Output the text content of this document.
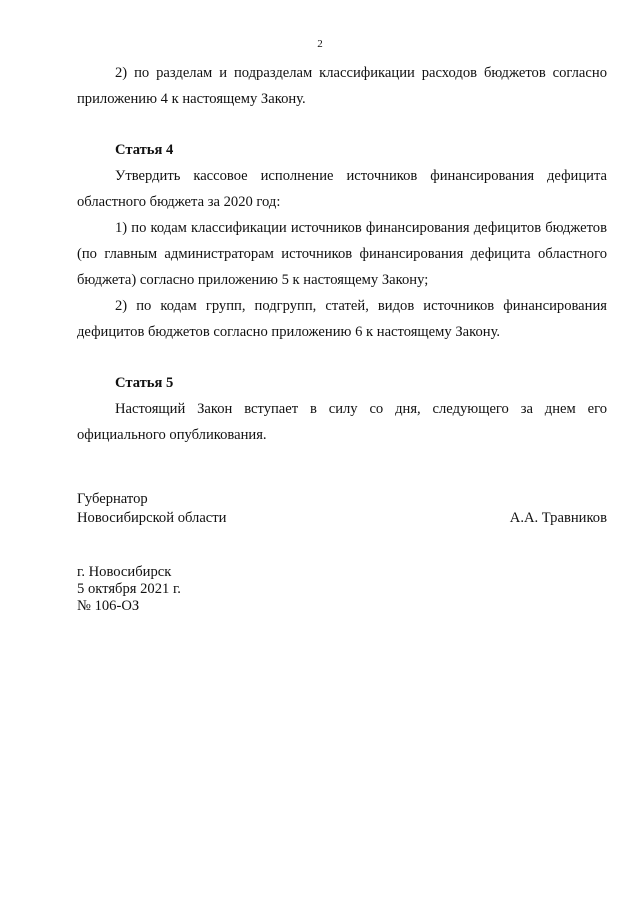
2

2) по разделам и подразделам классификации расходов бюджетов согласно приложению 4 к настоящему Закону.

Статья 4

Утвердить кассовое исполнение источников финансирования дефицита областного бюджета за 2020 год:

1) по кодам классификации источников финансирования дефицитов бюджетов (по главным администраторам источников финансирования дефицита областного бюджета) согласно приложению 5 к настоящему Закону;

2) по кодам групп, подгрупп, статей, видов источников финансирования дефицитов бюджетов согласно приложению 6 к настоящему Закону.

Статья 5

Настоящий Закон вступает в силу со дня, следующего за днем его официального опубликования.

Губернатор
Новосибирской области	А.А. Травников
г. Новосибирск
5 октября 2021 г.
№ 106-ОЗ
